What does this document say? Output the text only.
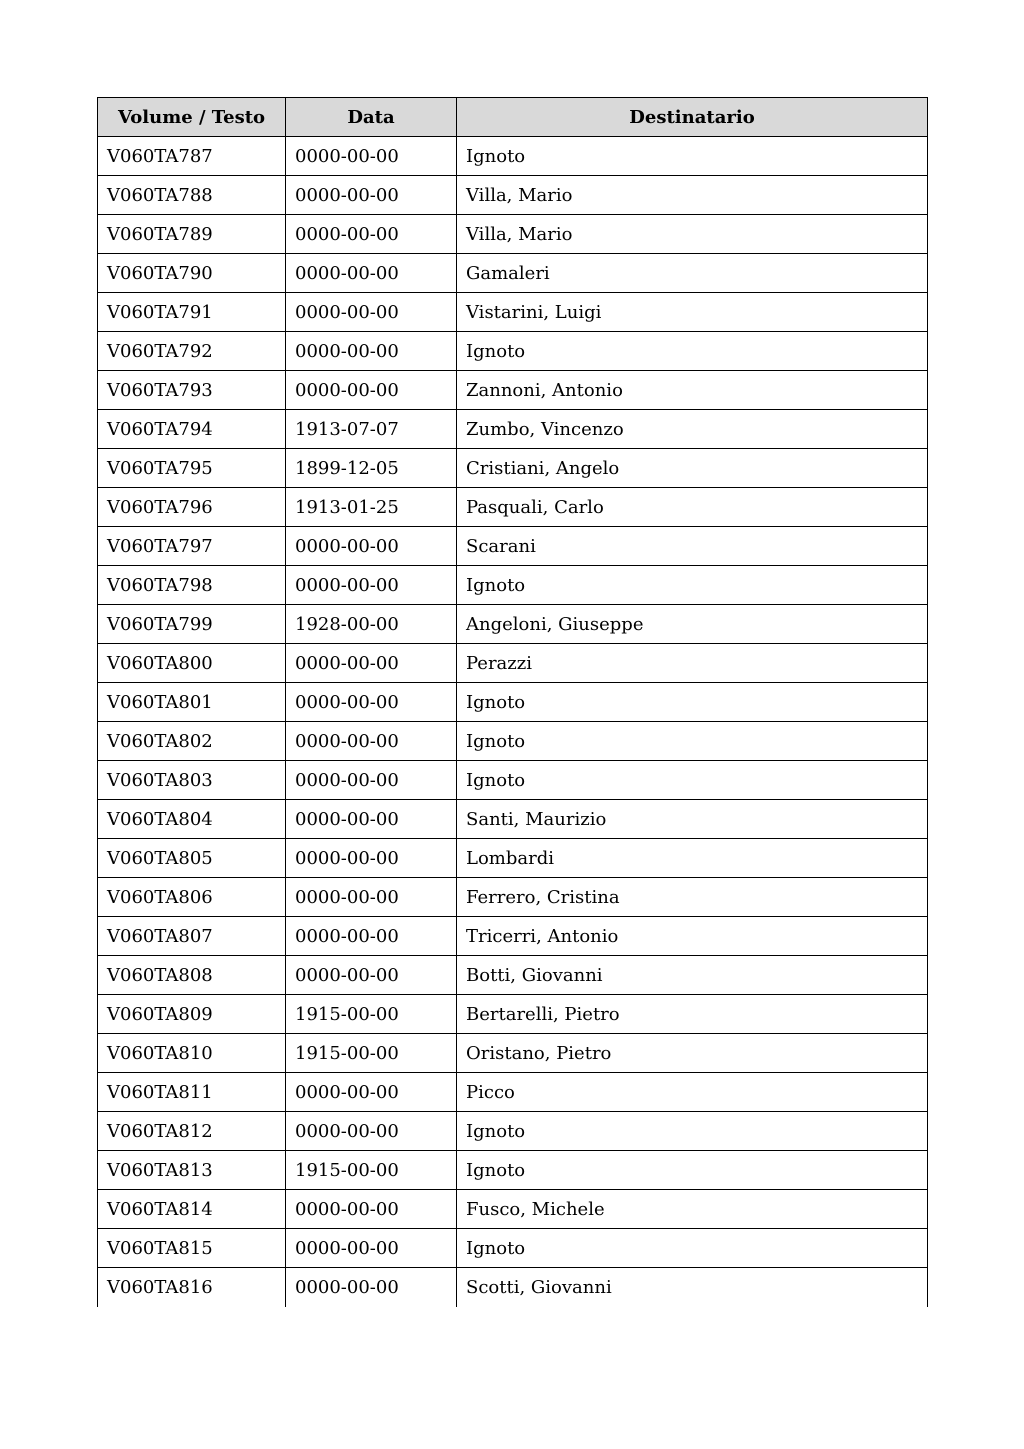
Volume / Testo	Data	Destinatario
V060TA787	0000-00-00	Ignoto
V060TA788	0000-00-00	Villa, Mario
V060TA789	0000-00-00	Villa, Mario
V060TA790	0000-00-00	Gamaleri
V060TA791	0000-00-00	Vistarini, Luigi
V060TA792	0000-00-00	Ignoto
V060TA793	0000-00-00	Zannoni, Antonio
V060TA794	1913-07-07	Zumbo, Vincenzo
V060TA795	1899-12-05	Cristiani, Angelo
V060TA796	1913-01-25	Pasquali, Carlo
V060TA797	0000-00-00	Scarani
V060TA798	0000-00-00	Ignoto
V060TA799	1928-00-00	Angeloni, Giuseppe
V060TA800	0000-00-00	Perazzi
V060TA801	0000-00-00	Ignoto
V060TA802	0000-00-00	Ignoto
V060TA803	0000-00-00	Ignoto
V060TA804	0000-00-00	Santi, Maurizio
V060TA805	0000-00-00	Lombardi
V060TA806	0000-00-00	Ferrero, Cristina
V060TA807	0000-00-00	Tricerri, Antonio
V060TA808	0000-00-00	Botti, Giovanni
V060TA809	1915-00-00	Bertarelli, Pietro
V060TA810	1915-00-00	Oristano, Pietro
V060TA811	0000-00-00	Picco
V060TA812	0000-00-00	Ignoto
V060TA813	1915-00-00	Ignoto
V060TA814	0000-00-00	Fusco, Michele
V060TA815	0000-00-00	Ignoto
V060TA816	0000-00-00	Scotti, Giovanni
